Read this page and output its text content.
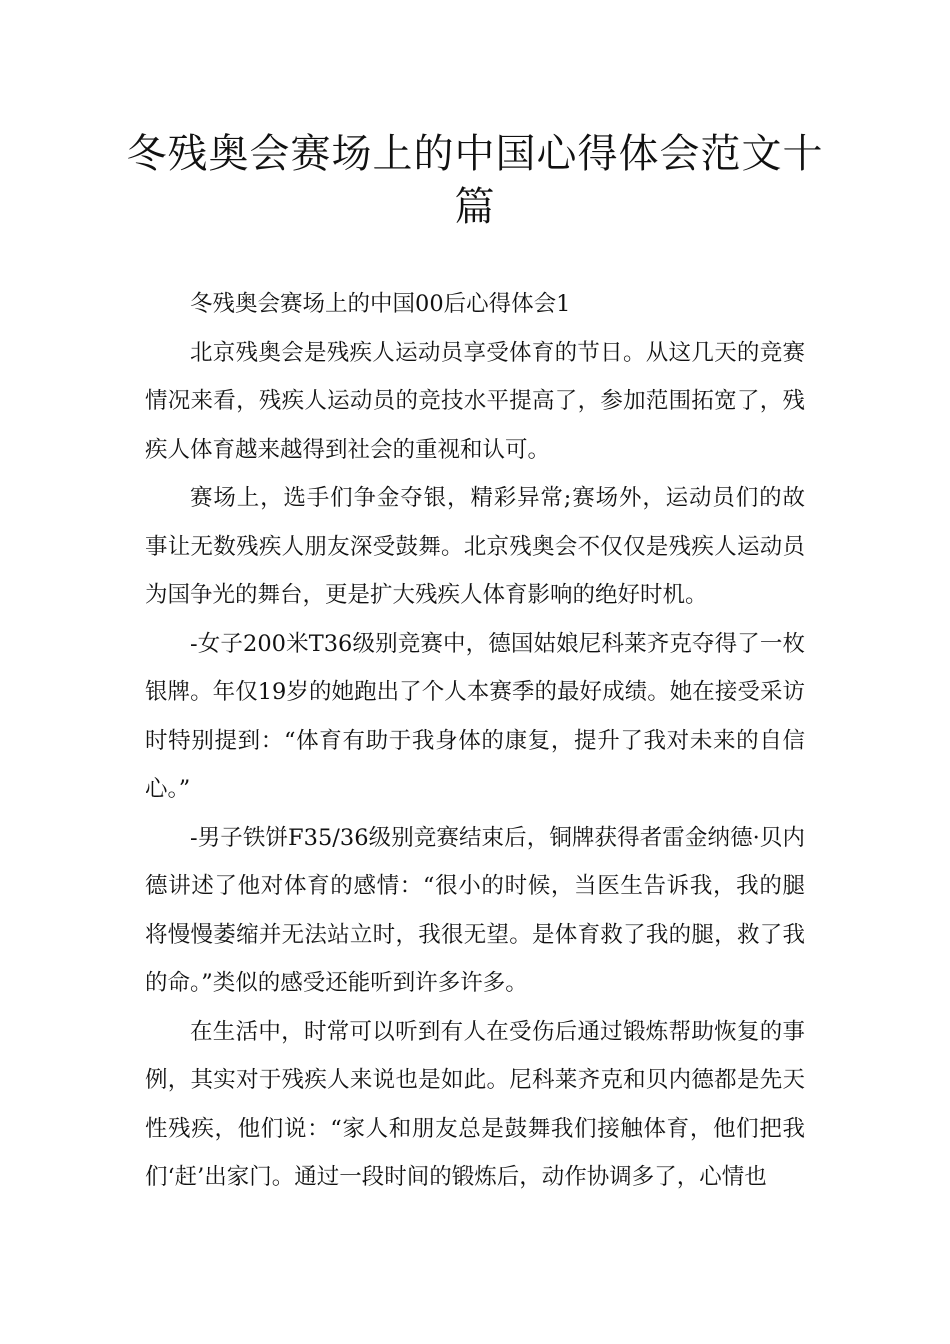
冬残奥会赛场上的中国心得体会范文十篇

冬残奥会赛场上的中国00后心得体会1

北京残奥会是残疾人运动员享受体育的节日。从这几天的竞赛情况来看，残疾人运动员的竞技水平提高了，参加范围拓宽了，残疾人体育越来越得到社会的重视和认可。

赛场上，选手们争金夺银，精彩异常;赛场外，运动员们的故事让无数残疾人朋友深受鼓舞。北京残奥会不仅仅是残疾人运动员为国争光的舞台，更是扩大残疾人体育影响的绝好时机。

-女子200米T36级别竞赛中，德国姑娘尼科莱齐克夺得了一枚银牌。年仅19岁的她跑出了个人本赛季的最好成绩。她在接受采访时特别提到：“体育有助于我身体的康复，提升了我对未来的自信心。”

-男子铁饼F35/36级别竞赛结束后，铜牌获得者雷金纳德·贝内德讲述了他对体育的感情：“很小的时候，当医生告诉我，我的腿将慢慢萎缩并无法站立时，我很无望。是体育救了我的腿，救了我的命。”类似的感受还能听到许多许多。

在生活中，时常可以听到有人在受伤后通过锻炼帮助恢复的事例，其实对于残疾人来说也是如此。尼科莱齐克和贝内德都是先天性残疾，他们说：“家人和朋友总是鼓舞我们接触体育，他们把我们‘赶’出家门。通过一段时间的锻炼后，动作协调多了，心情也
